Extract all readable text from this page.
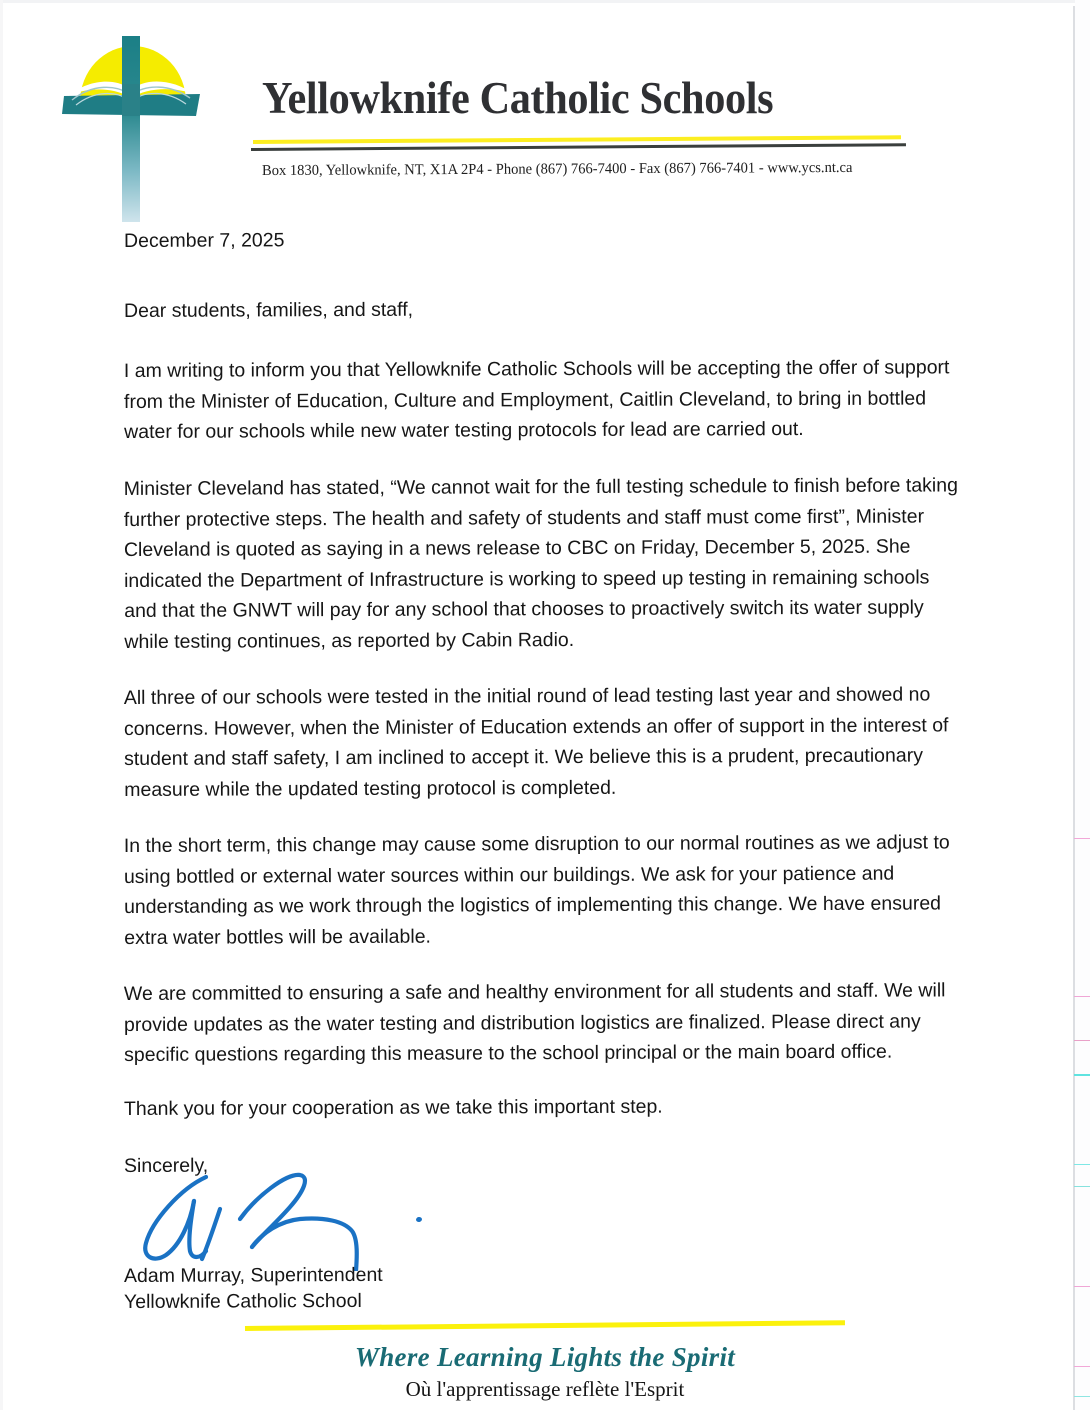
Yellowknife Catholic Schools
Box 1830, Yellowknife, NT, X1A 2P4 - Phone (867) 766-7400 - Fax (867) 766-7401 - www.ycs.nt.ca
December 7, 2025
Dear students, families, and staff,

I am writing to inform you that Yellowknife Catholic Schools will be accepting the offer of support from the Minister of Education, Culture and Employment, Caitlin Cleveland, to bring in bottled water for our schools while new water testing protocols for lead are carried out.

Minister Cleveland has stated, “We cannot wait for the full testing schedule to finish before taking further protective steps. The health and safety of students and staff must come first”, Minister Cleveland is quoted as saying in a news release to CBC on Friday, December 5, 2025. She indicated the Department of Infrastructure is working to speed up testing in remaining schools and that the GNWT will pay for any school that chooses to proactively switch its water supply while testing continues, as reported by Cabin Radio.

All three of our schools were tested in the initial round of lead testing last year and showed no concerns. However, when the Minister of Education extends an offer of support in the interest of student and staff safety, I am inclined to accept it. We believe this is a prudent, precautionary measure while the updated testing protocol is completed.

In the short term, this change may cause some disruption to our normal routines as we adjust to using bottled or external water sources within our buildings. We ask for your patience and understanding as we work through the logistics of implementing this change. We have ensured extra water bottles will be available.

We are committed to ensuring a safe and healthy environment for all students and staff. We will provide updates as the water testing and distribution logistics are finalized. Please direct any specific questions regarding this measure to the school principal or the main board office.

Thank you for your cooperation as we take this important step.

Sincerely,
Adam Murray, Superintendent
Yellowknife Catholic School
Where Learning Lights the Spirit
Où l'apprentissage reflète l'Esprit
